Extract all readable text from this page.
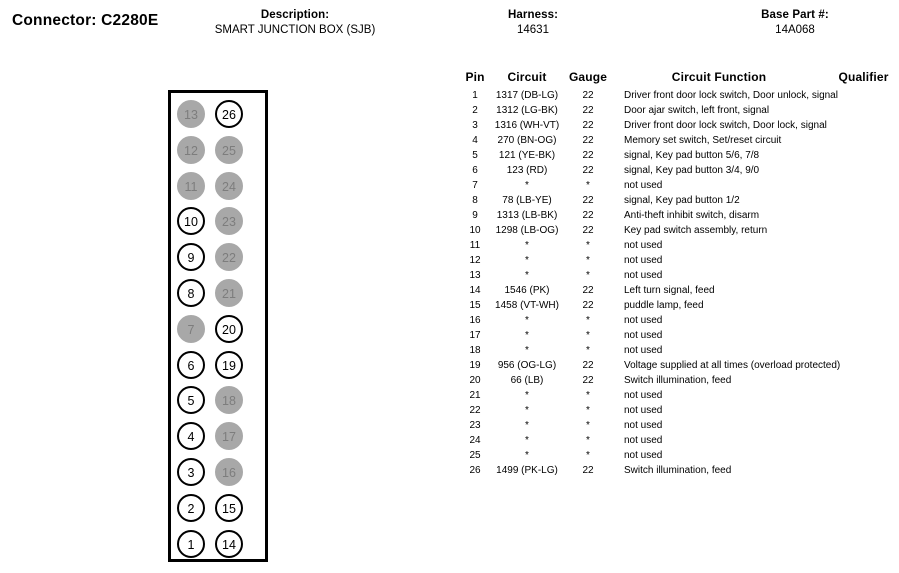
Connector: C2280E	Description:
SMART JUNCTION BOX (SJB)
Harness:
14631
Base Part #:
14A068
13
12
11
10
9
8
7
6
5
4
3
2
1
26
25
24
23
22
21
20
19
18
17
16
15
14
Pin	Circuit	Gauge	Circuit Function	Qualifier
1	1317 (DB-LG)	22	Driver front door lock switch, Door unlock, signal	
2	1312 (LG-BK)	22	Door ajar switch, left front, signal	
3	1316 (WH-VT)	22	Driver front door lock switch, Door lock, signal	
4	270 (BN-OG)	22	Memory set switch, Set/reset circuit	
5	121 (YE-BK)	22	signal, Key pad button 5/6, 7/8	
6	123 (RD)	22	signal, Key pad button 3/4, 9/0	
7	*	*	not used	
8	78 (LB-YE)	22	signal, Key pad button 1/2	
9	1313 (LB-BK)	22	Anti-theft inhibit switch, disarm	
10	1298 (LB-OG)	22	Key pad switch assembly, return	
11	*	*	not used	
12	*	*	not used	
13	*	*	not used	
14	1546 (PK)	22	Left turn signal, feed	
15	1458 (VT-WH)	22	puddle lamp, feed	
16	*	*	not used	
17	*	*	not used	
18	*	*	not used	
19	956 (OG-LG)	22	Voltage supplied at all times (overload protected)	
20	66 (LB)	22	Switch illumination, feed	
21	*	*	not used	
22	*	*	not used	
23	*	*	not used	
24	*	*	not used	
25	*	*	not used	
26	1499 (PK-LG)	22	Switch illumination, feed	
